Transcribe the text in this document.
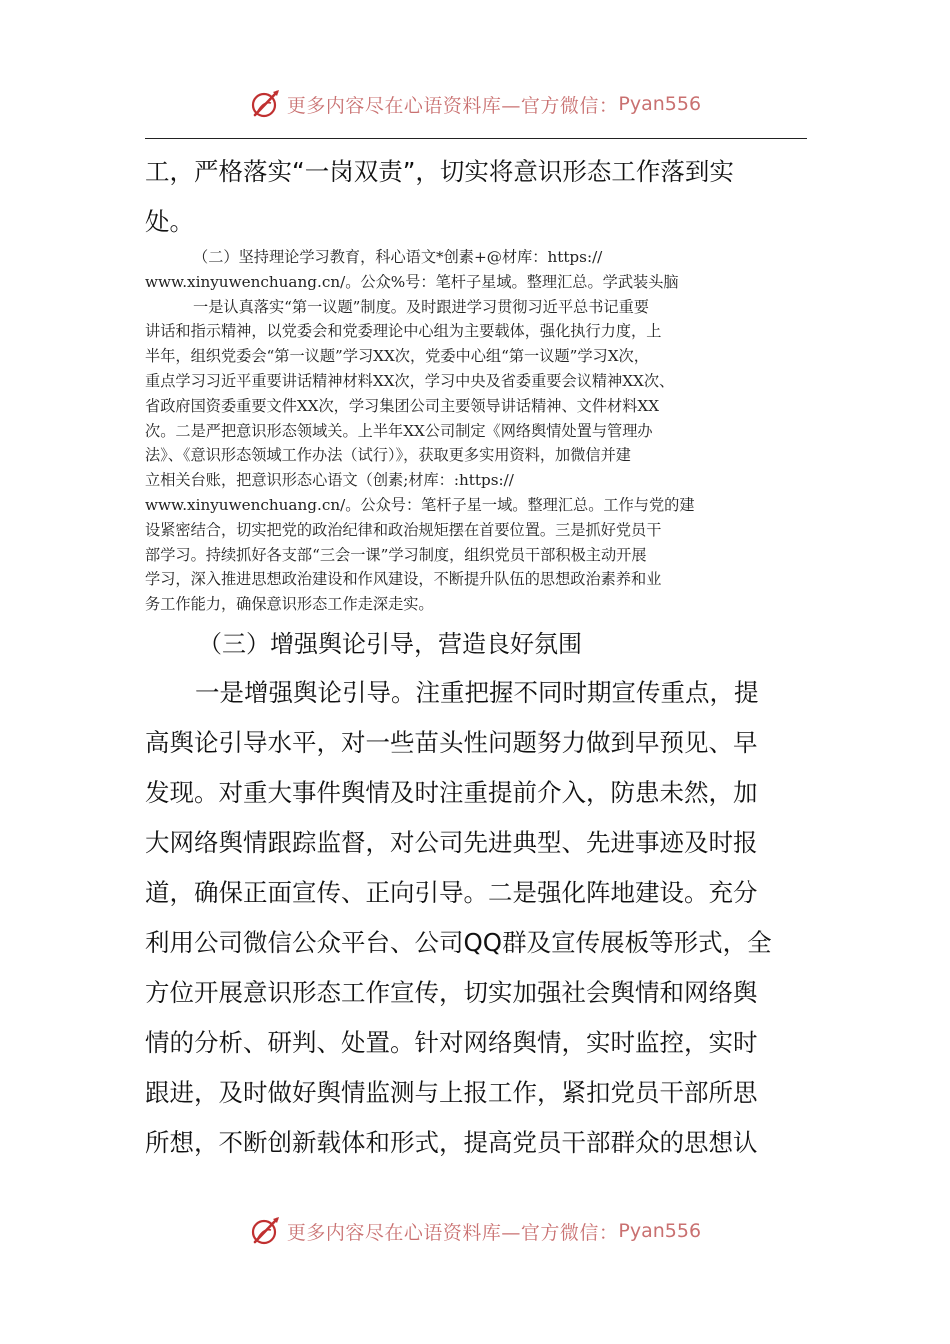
更多内容尽在心语资料库—官方微信： Pyan556
工，严格落实“一岗双责”，切实将意识形态工作落到实
处。
（二）坚持理论学习教育，科心语文*创素+@材库：https://
www.xinyuwenchuang.cn/。公众%号：笔杆子星域。整理汇总。学武装头脑
一是认真落实“第一议题”制度。及时跟进学习贯彻习近平总书记重要
讲话和指示精神，以党委会和党委理论中心组为主要载体，强化执行力度，上
半年，组织党委会“第一议题”学习XX次，党委中心组“第一议题”学习X次，
重点学习习近平重要讲话精神材料XX次，学习中央及省委重要会议精神XX次、
省政府国资委重要文件XX次，学习集团公司主要领导讲话精神、文件材料XX
次。二是严把意识形态领域关。上半年XX公司制定《网络舆情处置与管理办
法》、《意识形态领域工作办法（试行）》，获取更多实用资料，加微信并建
立相关台账，把意识形态心语文（创素;材库：:https://
www.xinyuwenchuang.cn/。公众号：笔杆子星一域。整理汇总。工作与党的建
设紧密结合，切实把党的政治纪律和政治规矩摆在首要位置。三是抓好党员干
部学习。持续抓好各支部“三会一课”学习制度，组织党员干部积极主动开展
学习，深入推进思想政治建设和作风建设，不断提升队伍的思想政治素养和业
务工作能力，确保意识形态工作走深走实。
（三）增强舆论引导，营造良好氛围
一是增强舆论引导。注重把握不同时期宣传重点，提
高舆论引导水平，对一些苗头性问题努力做到早预见、早
发现。对重大事件舆情及时注重提前介入，防患未然，加
大网络舆情跟踪监督，对公司先进典型、先进事迹及时报
道，确保正面宣传、正向引导。二是强化阵地建设。充分
利用公司微信公众平台、公司QQ群及宣传展板等形式，全
方位开展意识形态工作宣传，切实加强社会舆情和网络舆
情的分析、研判、处置。针对网络舆情，实时监控，实时
跟进，及时做好舆情监测与上报工作，紧扣党员干部所思
所想，不断创新载体和形式，提高党员干部群众的思想认
更多内容尽在心语资料库—官方微信： Pyan556
